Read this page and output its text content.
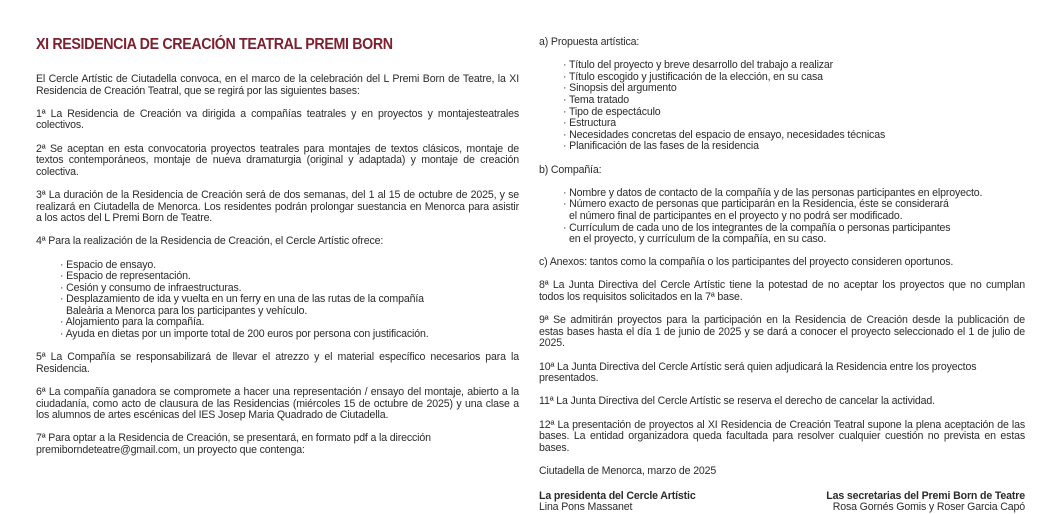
XI RESIDENCIA DE CREACIÓN TEATRAL PREMI BORN

El Cercle Artístic de Ciutadella convoca, en el marco de la celebración del L Premi Born de Teatre, la XI Residencia de Creación Teatral, que se regirá por las siguientes bases:

1ª La Residencia de Creación va dirigida a compañías teatrales y en proyectos y montajesteatrales colectivos.

2ª Se aceptan en esta convocatoria proyectos teatrales para montajes de textos clásicos, montaje de textos contemporáneos, montaje de nueva dramaturgia (original y adaptada) y montaje de creación colectiva.

3ª La duración de la Residencia de Creación será de dos semanas, del 1 al 15 de octubre de 2025, y se realizará en Ciutadella de Menorca. Los residentes podrán prolongar suestancia en Menorca para asistir a los actos del L Premi Born de Teatre.

4ª Para la realización de la Residencia de Creación, el Cercle Artístic ofrece:

· Espacio de ensayo.
· Espacio de representación.
· Cesión y consumo de infraestructuras.
· Desplazamiento de ida y vuelta en un ferry en una de las rutas de la compañía
Baleària a Menorca para los participantes y vehículo.
· Alojamiento para la compañía.
· Ayuda en dietas por un importe total de 200 euros por persona con justificación.

5ª La Compañía se responsabilizará de llevar el atrezzo y el material específico necesarios para la Residencia.

6ª La compañía ganadora se compromete a hacer una representación / ensayo del montaje, abierto a la ciudadanía, como acto de clausura de las Residencias (miércoles 15 de octubre de 2025) y una clase a los alumnos de artes escénicas del IES Josep Maria Quadrado de Ciutadella.

7ª Para optar a la Residencia de Creación, se presentará, en formato pdf a la dirección premiborndeteatre@gmail.com, un proyecto que contenga:

a) Propuesta artística:

· Título del proyecto y breve desarrollo del trabajo a realizar
· Título escogido y justificación de la elección, en su casa
· Sinopsis del argumento
· Tema tratado
· Tipo de espectáculo
· Estructura
· Necesidades concretas del espacio de ensayo, necesidades técnicas
· Planificación de las fases de la residencia

b) Compañía:

· Nombre y datos de contacto de la compañía y de las personas participantes en elproyecto.
· Número exacto de personas que participarán en la Residencia, éste se considerará
el número final de participantes en el proyecto y no podrá ser modificado.
· Currículum de cada uno de los integrantes de la compañía o personas participantes
en el proyecto, y currículum de la compañía, en su caso.

c) Anexos: tantos como la compañía o los participantes del proyecto consideren oportunos.

8ª La Junta Directiva del Cercle Artístic tiene la potestad de no aceptar los proyectos que no cumplan todos los requisitos solicitados en la 7ª base.

9ª Se admitirán proyectos para la participación en la Residencia de Creación desde la publicación de estas bases hasta el día 1 de junio de 2025 y se dará a conocer el proyecto seleccionado el 1 de julio de 2025.

10ª La Junta Directiva del Cercle Artístic será quien adjudicará la Residencia entre los proyectos presentados.

11ª La Junta Directiva del Cercle Artístic se reserva el derecho de cancelar la actividad.

12ª La presentación de proyectos al XI Residencia de Creación Teatral supone la plena aceptación de las bases. La entidad organizadora queda facultada para resolver cualquier cuestión no prevista en estas bases.

Ciutadella de Menorca, marzo de 2025

La presidenta del Cercle Artístic
Lina Pons Massanet
Las secretarias del Premi Born de Teatre
Rosa Gornés Gomis y Roser Garcia Capó
